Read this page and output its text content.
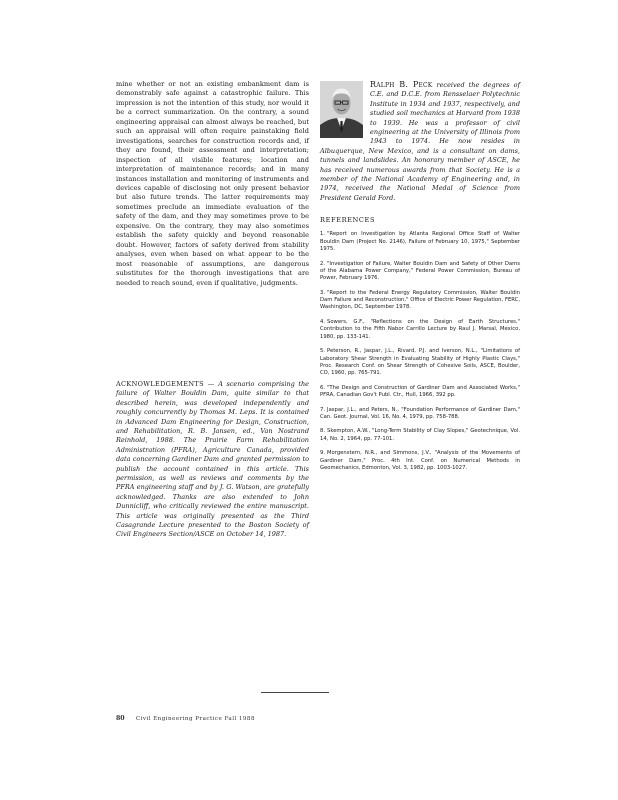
mine whether or not an existing embankment dam is demonstrably safe against a catastrophic failure. This impression is not the intention of this study, nor would it be a correct summarization. On the contrary, a sound engineering appraisal can almost always be reached, but such an appraisal will often require painstaking field investigations, searches for construction records and, if they are found, their assessment and interpretation; inspection of all visible features; location and interpretation of maintenance records; and in many instances installation and monitoring of instruments and devices capable of disclosing not only present behavior but also future trends. The latter requirements may sometimes preclude an immediate evaluation of the safety of the dam, and they may sometimes prove to be expensive. On the contrary, they may also sometimes establish the safety quickly and beyond reasonable doubt. However, factors of safety derived from stability analyses, even when based on what appear to be the most reasonable of assumptions, are dangerous substitutes for the thorough investigations that are needed to reach sound, even if qualitative, judgments.

ACKNOWLEDGEMENTS — A scenario comprising the failure of Walter Bouldin Dam, quite similar to that described herein, was developed independently and roughly concurrently by Thomas M. Leps. It is contained in Advanced Dam Engineering for Design, Construction, and Rehabilitation, R. B. Jansen, ed., Van Nostrand Reinhold, 1988. The Prairie Farm Rehabilitation Administration (PFRA), Agriculture Canada, provided data concerning Gardiner Dam and granted permission to publish the account contained in this article. This permission, as well as reviews and comments by the PFRA engineering staff and by J. G. Watson, are gratefully acknowledged. Thanks are also extended to John Dunnicliff, who critically reviewed the entire manuscript. This article was originally presented as the Third Casagrande Lecture presented to the Boston Society of Civil Engineers Section/ASCE on October 14, 1987.

Ralph B. Peck received the degrees of C.E. and D.C.E. from Rensselaer Polytechnic Institute in 1934 and 1937, respectively, and studied soil mechanics at Harvard from 1938 to 1939. He was a professor of civil engineering at the University of Illinois from 1943 to 1974. He now resides in Albuquerque, New Mexico, and is a consultant on dams, tunnels and landslides. An honorary member of ASCE, he has received numerous awards from that Society. He is a member of the National Academy of Engineering and, in 1974, received the National Medal of Science from President Gerald Ford.

REFERENCES
1. "Report on Investigation by Atlanta Regional Office Staff of Walter Bouldin Dam (Project No. 2146), Failure of February 10, 1975," September 1975.
2. "Investigation of Failure, Walter Bouldin Dam and Safety of Other Dams of the Alabama Power Company," Federal Power Commission, Bureau of Power, February 1976.
3. "Report to the Federal Energy Regulatory Commission, Walter Bouldin Dam Failure and Reconstruction," Office of Electric Power Regulation, FERC, Washington, DC, September 1978.
4. Sowers, G.F., "Reflections on the Design of Earth Structures," Contribution to the Fifth Nabor Carrillo Lecture by Raul J. Marsal, Mexico, 1980, pp. 133-141.
5. Peterson, R., Jaspar, J.L., Rivard, P.J. and Iverson, N.L., "Limitations of Laboratory Shear Strength in Evaluating Stability of Highly Plastic Clays," Proc. Research Conf. on Shear Strength of Cohesive Soils, ASCE, Boulder, CO, 1960, pp. 765-791.
6. "The Design and Construction of Gardiner Dam and Associated Works," PFRA, Canadian Gov't Publ. Ctr., Hull, 1966, 392 pp.
7. Jaspar, J.L., and Peters, N., "Foundation Performance of Gardiner Dam," Can. Geot. Journal, Vol. 16, No. 4, 1979, pp. 758-788.
8. Skempton, A.W., "Long-Term Stability of Clay Slopes," Geotechnique, Vol. 14, No. 2, 1964, pp. 77-101.
9. Morgenstern, N.R., and Simmons, J.V., "Analysis of the Movements of Gardiner Dam," Proc. 4th Int. Conf. on Numerical Methods in Geomechanics, Edmonton, Vol. 3, 1982, pp. 1003-1027.
80 Civil Engineering Practice Fall 1988
